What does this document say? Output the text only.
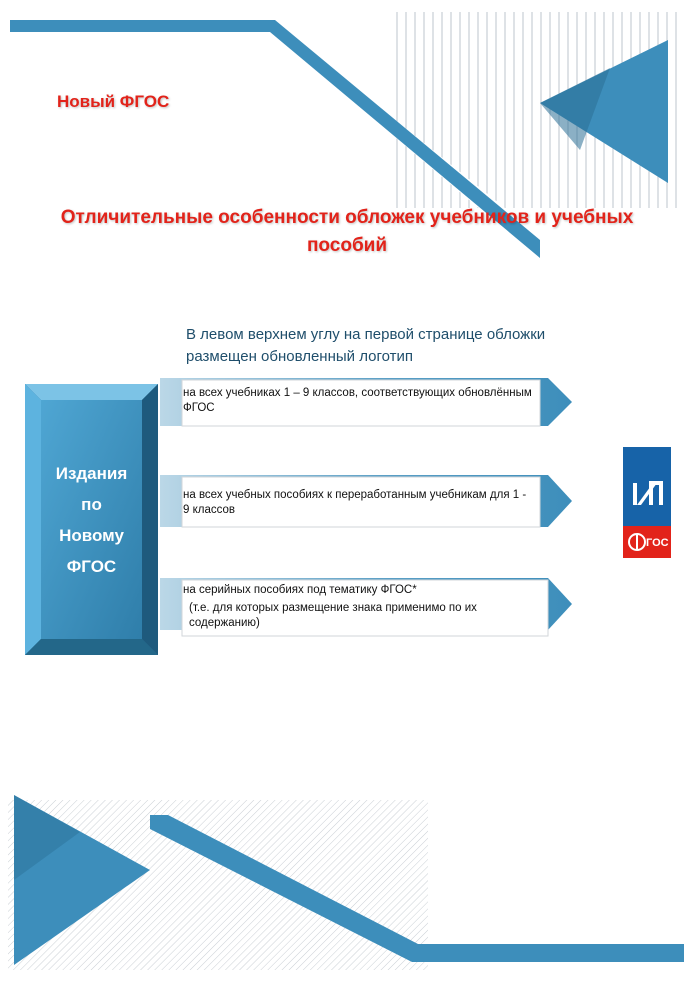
Новый ФГОС
Отличительные особенности обложек учебников и учебных пособий
В левом верхнем углу на первой странице обложки размещен обновленный логотип
Издания по Новому ФГОС
на всех учебниках 1 – 9 классов, соответствующих обновлённым ФГОС
на всех учебных пособиях к переработанным учебникам для 1 - 9 классов
на серийных пособиях под тематику ФГОС*
(т.е. для которых размещение знака применимо по их содержанию)
ИП
ГОС
